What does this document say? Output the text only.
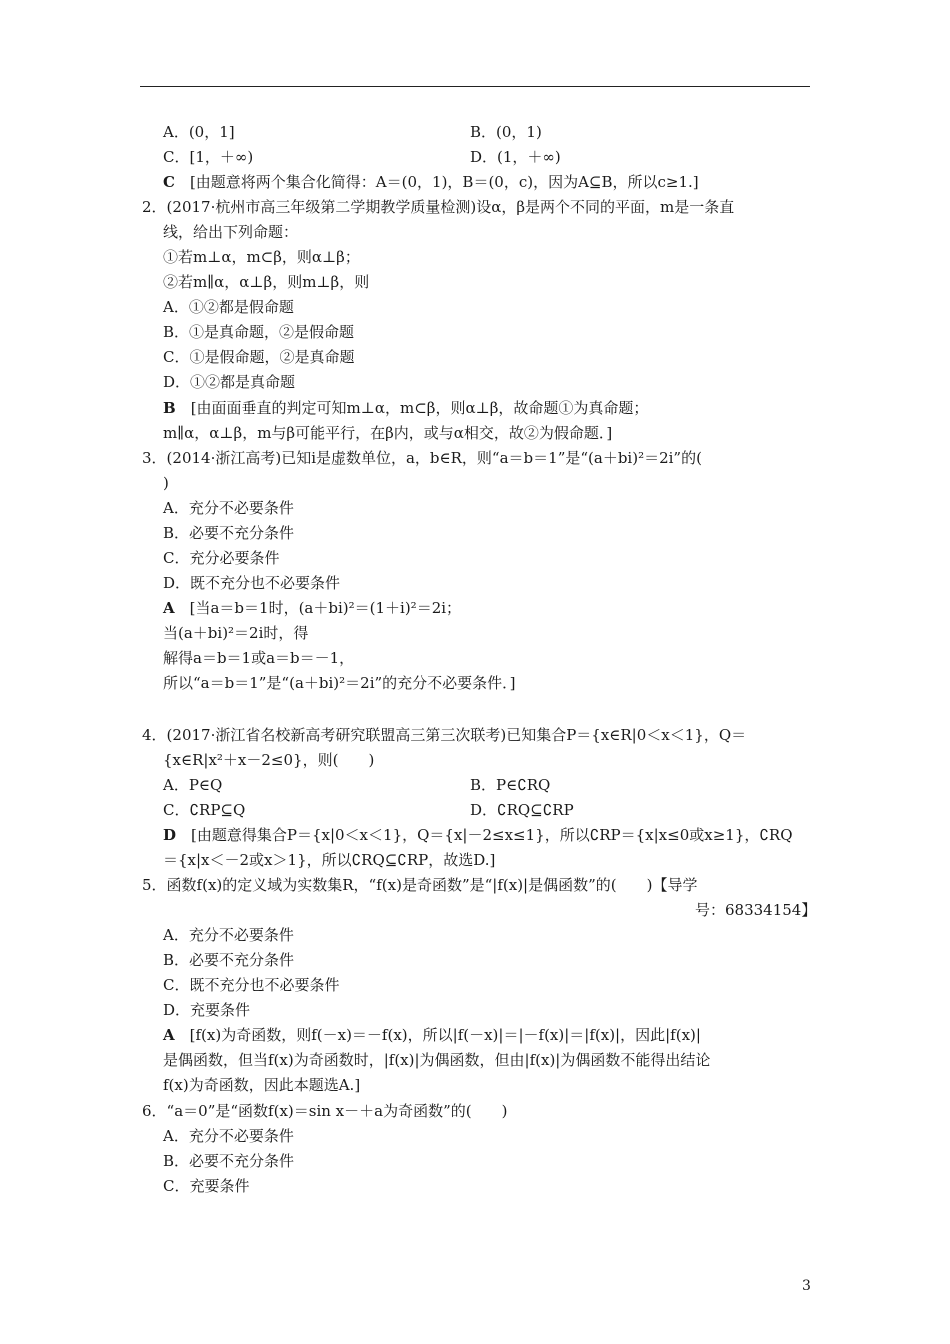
A．(0，1]	B．(0，1)
C．[1，＋∞)	D．(1，＋∞)
C　[由题意将两个集合化简得：A＝(0，1)，B＝(0，c)，因为A⊆B，所以c≥1.]
2．(2017·杭州市高三年级第二学期教学质量检测)设α，β是两个不同的平面，m是一条直
线，给出下列命题：
①若m⊥α，m⊂β，则α⊥β；
②若m∥α，α⊥β，则m⊥β，则
A．①②都是假命题
B．①是真命题，②是假命题
C．①是假命题，②是真命题
D．①②都是真命题
B　[由面面垂直的判定可知m⊥α，m⊂β，则α⊥β，故命题①为真命题；
m∥α，α⊥β，m与β可能平行，在β内，或与α相交，故②为假命题．]
3．(2014·浙江高考)已知i是虚数单位，a，b∈R，则“a＝b＝1”是“(a＋bi)²＝2i”的(
)
A．充分不必要条件
B．必要不充分条件
C．充分必要条件
D．既不充分也不必要条件
A　[当a＝b＝1时，(a＋bi)²＝(1＋i)²＝2i；
当(a＋bi)²＝2i时，得
解得a＝b＝1或a＝b＝－1，
所以“a＝b＝1”是“(a＋bi)²＝2i”的充分不必要条件．]
4．(2017·浙江省名校新高考研究联盟高三第三次联考)已知集合P＝{x∈R|0＜x＜1}，Q＝
{x∈R|x²＋x－2≤0}，则(　　)
A．P∈Q	B．P∈∁RQ
C．∁RP⊆Q	D．∁RQ⊆∁RP
D　[由题意得集合P＝{x|0＜x＜1}，Q＝{x|－2≤x≤1}，所以∁RP＝{x|x≤0或x≥1}，∁RQ
＝{x|x＜－2或x＞1}，所以∁RQ⊆∁RP，故选D.]
5．函数f(x)的定义域为实数集R，“f(x)是奇函数”是“|f(x)|是偶函数”的(　　)【导学
号：68334154】
A．充分不必要条件
B．必要不充分条件
C．既不充分也不必要条件
D．充要条件
A　[f(x)为奇函数，则f(－x)＝－f(x)，所以|f(－x)|＝|－f(x)|＝|f(x)|，因此|f(x)|
是偶函数，但当f(x)为奇函数时，|f(x)|为偶函数，但由|f(x)|为偶函数不能得出结论
f(x)为奇函数，因此本题选A.]
6．“a＝0”是“函数f(x)＝sin x－＋a为奇函数”的(　　)
A．充分不必要条件
B．必要不充分条件
C．充要条件
3
